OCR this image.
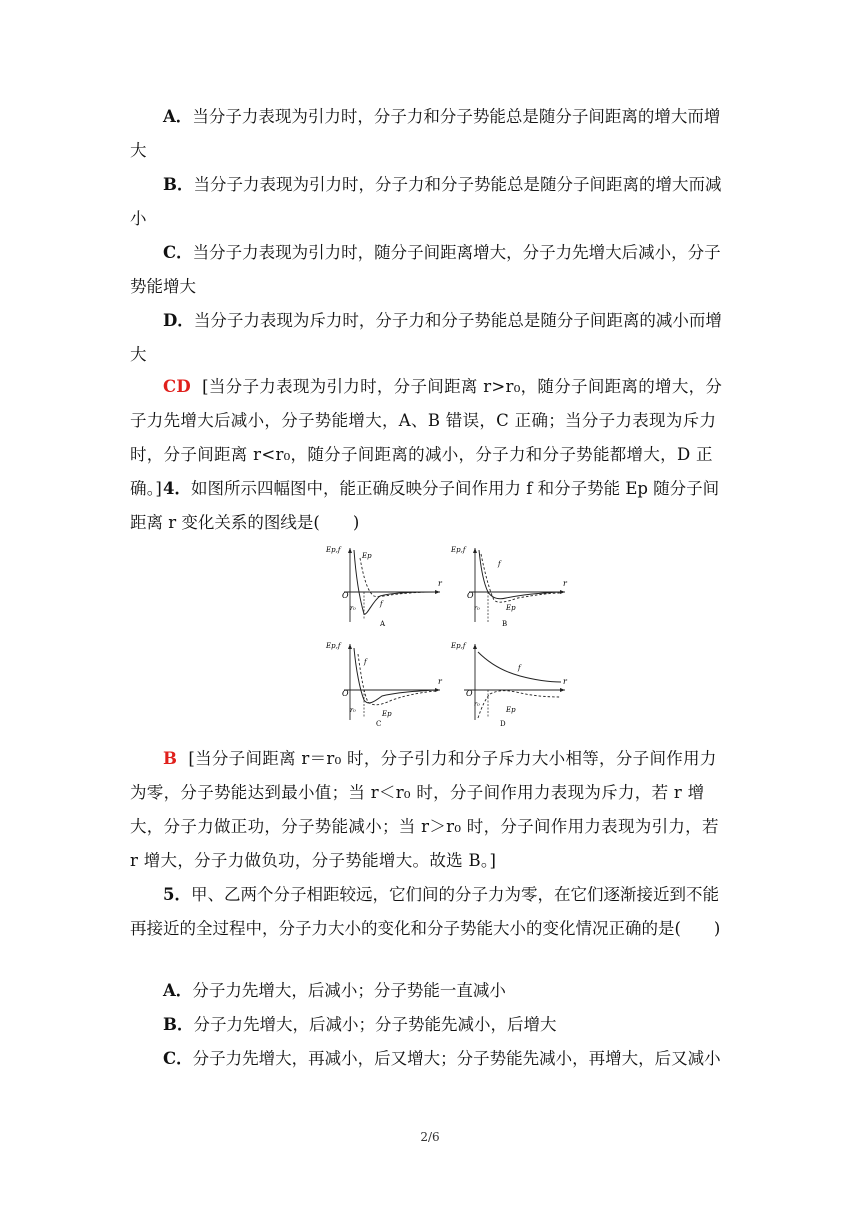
A．当分子力表现为引力时，分子力和分子势能总是随分子间距离的增大而增大

B．当分子力表现为引力时，分子力和分子势能总是随分子间距离的增大而减小

C．当分子力表现为引力时，随分子间距离增大，分子力先增大后减小，分子势能增大

D．当分子力表现为斥力时，分子力和分子势能总是随分子间距离的减小而增大

CD [当分子力表现为引力时，分子间距离 r>r₀，随分子间距离的增大，分子力先增大后减小，分子势能增大，A、B 错误，C 正确；当分子力表现为斥力时，分子间距离 r<r₀，随分子间距离的减小，分子力和分子势能都增大，D 正确。] 4．如图所示四幅图中，能正确反映分子间作用力 f 和分子势能 Ep 随分子间距离 r 变化关系的图线是(　　)

Ep,f
r
O
Ep
f
r₀
A
Ep,f
r
O
f
Ep
r₀
B
Ep,f
r
O
f
Ep
r₀
C
Ep,f
r
O
f
Ep
r₀
D

B [当分子间距离 r＝r₀ 时，分子引力和分子斥力大小相等，分子间作用力为零，分子势能达到最小值；当 r＜r₀ 时，分子间作用力表现为斥力，若 r 增大，分子力做正功，分子势能减小；当 r＞r₀ 时，分子间作用力表现为引力，若 r 增大，分子力做负功，分子势能增大。故选 B。]

5．甲、乙两个分子相距较远，它们间的分子力为零，在它们逐渐接近到不能再接近的全过程中，分子力大小的变化和分子势能大小的变化情况正确的是(　　)

A．分子力先增大，后减小；分子势能一直减小

B．分子力先增大，后减小；分子势能先减小，后增大

C．分子力先增大，再减小，后又增大；分子势能先减小，再增大，后又减小

2/6
